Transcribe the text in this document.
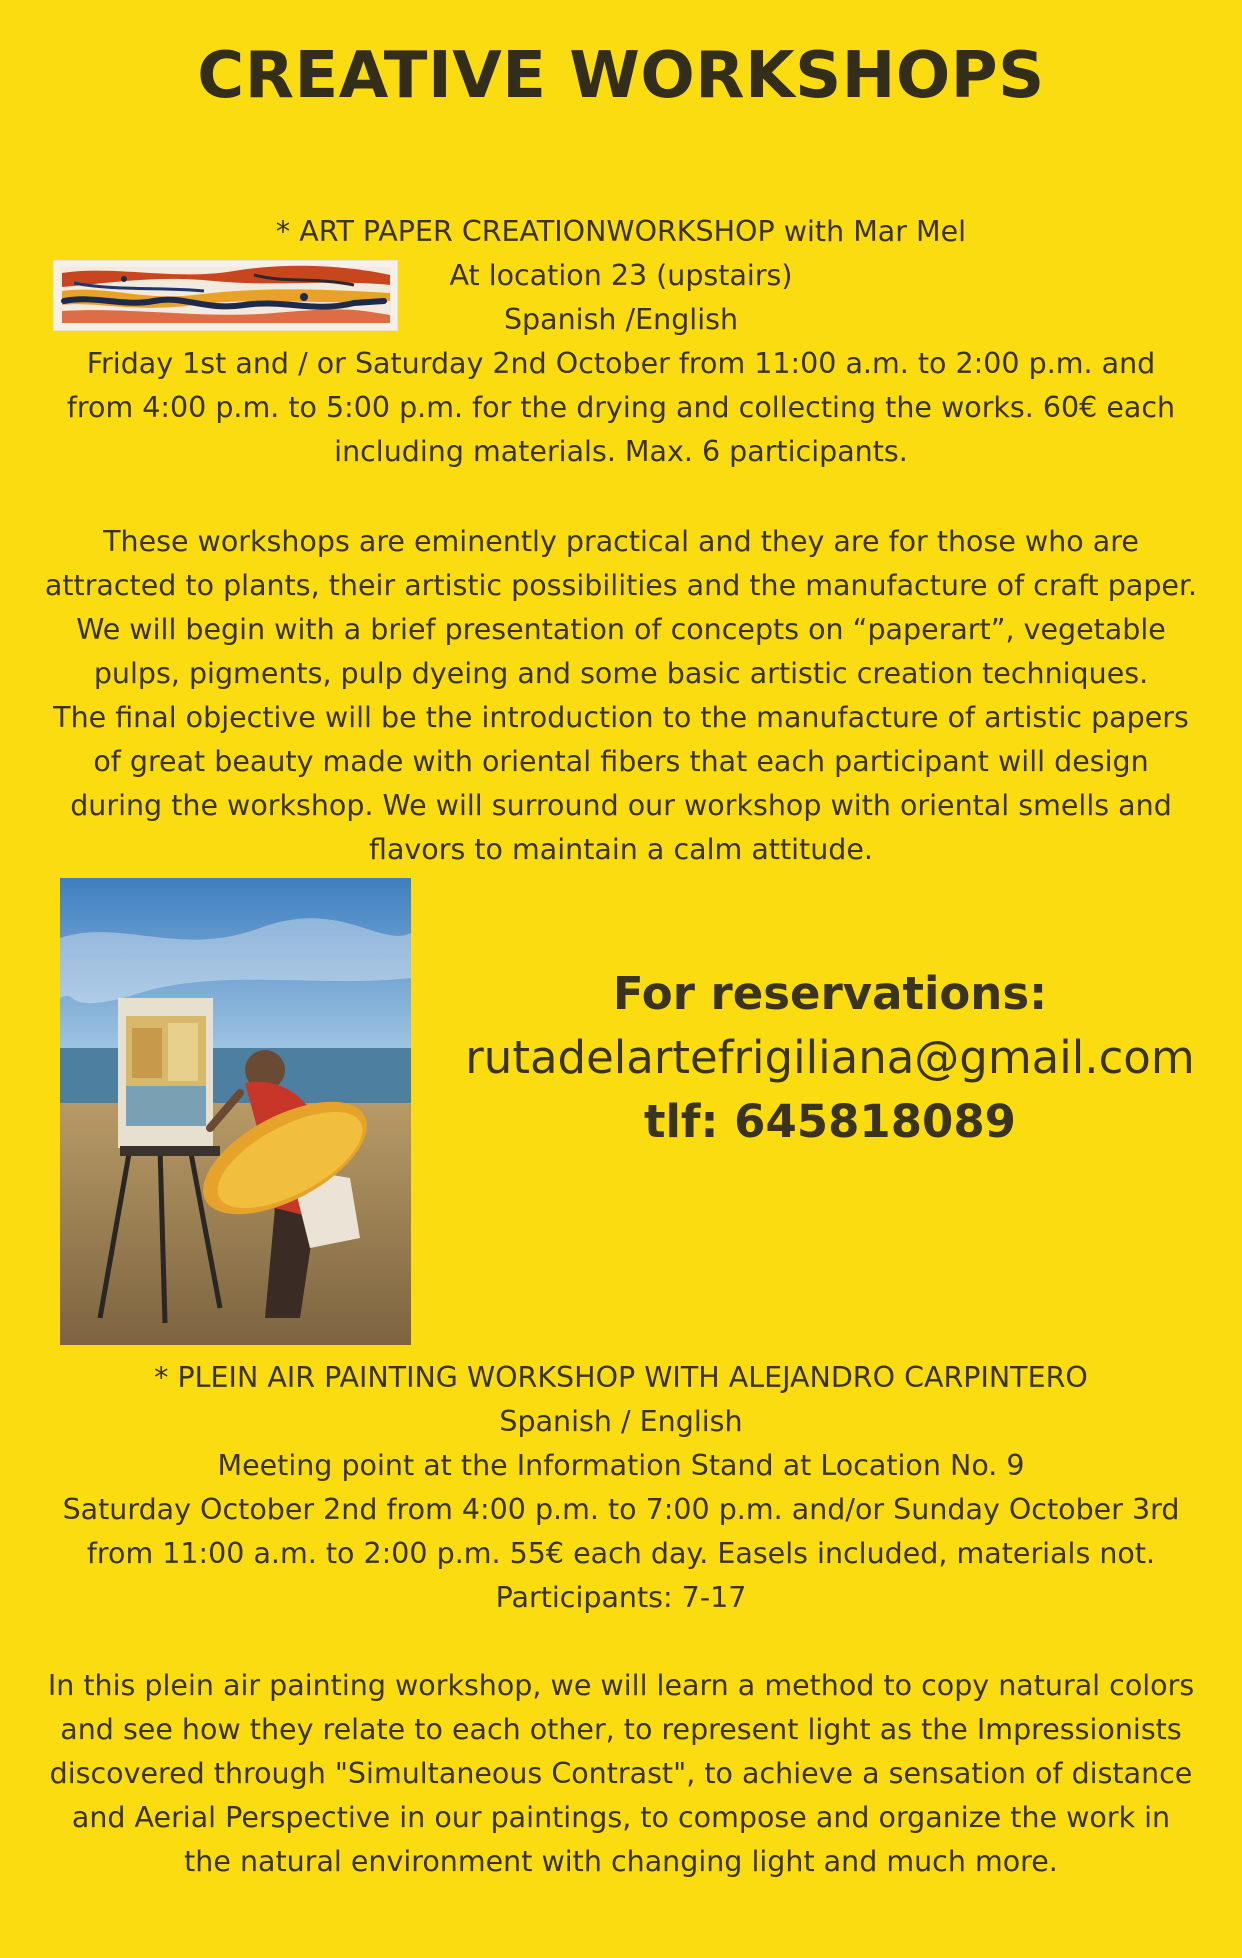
CREATIVE WORKSHOPS
* ART PAPER CREATIONWORKSHOP with Mar Mel
At location 23 (upstairs)
Spanish /English
Friday 1st and / or Saturday 2nd October from 11:00 a.m. to 2:00 p.m. and
from 4:00 p.m. to 5:00 p.m. for the drying and collecting the works. 60€ each
including materials. Max. 6 participants.
These workshops are eminently practical and they are for those who are
attracted to plants, their artistic possibilities and the manufacture of craft paper.
We will begin with a brief presentation of concepts on “paperart”, vegetable
pulps, pigments, pulp dyeing and some basic artistic creation techniques.
The final objective will be the introduction to the manufacture of artistic papers
of great beauty made with oriental fibers that each participant will design
during the workshop. We will surround our workshop with oriental smells and
flavors to maintain a calm attitude.
For reservations:
rutadelartefrigiliana@gmail.com
tlf: 645818089
* PLEIN AIR PAINTING WORKSHOP WITH ALEJANDRO CARPINTERO
Spanish / English
Meeting point at the Information Stand at Location No. 9
Saturday October 2nd from 4:00 p.m. to 7:00 p.m. and/or Sunday October 3rd
from 11:00 a.m. to 2:00 p.m. 55€ each day. Easels included, materials not.
Participants: 7-17
In this plein air painting workshop, we will learn a method to copy natural colors
and see how they relate to each other, to represent light as the Impressionists
discovered through "Simultaneous Contrast", to achieve a sensation of distance
and Aerial Perspective in our paintings, to compose and organize the work in
the natural environment with changing light and much more.
